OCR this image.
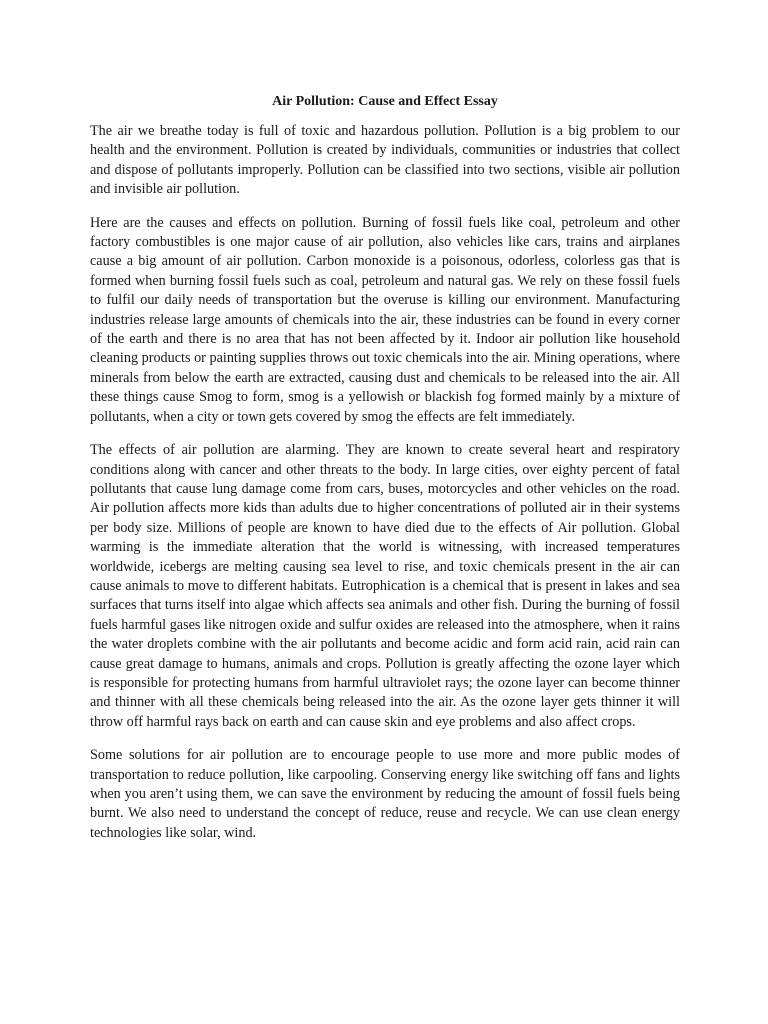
Air Pollution: Cause and Effect Essay

The air we breathe today is full of toxic and hazardous pollution. Pollution is a big problem to our health and the environment. Pollution is created by individuals, communities or industries that collect and dispose of pollutants improperly. Pollution can be classified into two sections, visible air pollution and invisible air pollution.

Here are the causes and effects on pollution. Burning of fossil fuels like coal, petroleum and other factory combustibles is one major cause of air pollution, also vehicles like cars, trains and airplanes cause a big amount of air pollution. Carbon monoxide is a poisonous, odorless, colorless gas that is formed when burning fossil fuels such as coal, petroleum and natural gas. We rely on these fossil fuels to fulfil our daily needs of transportation but the overuse is killing our environment. Manufacturing industries release large amounts of chemicals into the air, these industries can be found in every corner of the earth and there is no area that has not been affected by it. Indoor air pollution like household cleaning products or painting supplies throws out toxic chemicals into the air. Mining operations, where minerals from below the earth are extracted, causing dust and chemicals to be released into the air. All these things cause Smog to form, smog is a yellowish or blackish fog formed mainly by a mixture of pollutants, when a city or town gets covered by smog the effects are felt immediately.

The effects of air pollution are alarming. They are known to create several heart and respiratory conditions along with cancer and other threats to the body. In large cities, over eighty percent of fatal pollutants that cause lung damage come from cars, buses, motorcycles and other vehicles on the road. Air pollution affects more kids than adults due to higher concentrations of polluted air in their systems per body size. Millions of people are known to have died due to the effects of Air pollution. Global warming is the immediate alteration that the world is witnessing, with increased temperatures worldwide, icebergs are melting causing sea level to rise, and toxic chemicals present in the air can cause animals to move to different habitats. Eutrophication is a chemical that is present in lakes and sea surfaces that turns itself into algae which affects sea animals and other fish. During the burning of fossil fuels harmful gases like nitrogen oxide and sulfur oxides are released into the atmosphere, when it rains the water droplets combine with the air pollutants and become acidic and form acid rain, acid rain can cause great damage to humans, animals and crops. Pollution is greatly affecting the ozone layer which is responsible for protecting humans from harmful ultraviolet rays; the ozone layer can become thinner and thinner with all these chemicals being released into the air. As the ozone layer gets thinner it will throw off harmful rays back on earth and can cause skin and eye problems and also affect crops.

Some solutions for air pollution are to encourage people to use more and more public modes of transportation to reduce pollution, like carpooling. Conserving energy like switching off fans and lights when you aren’t using them, we can save the environment by reducing the amount of fossil fuels being burnt. We also need to understand the concept of reduce, reuse and recycle. We can use clean energy technologies like solar, wind.
